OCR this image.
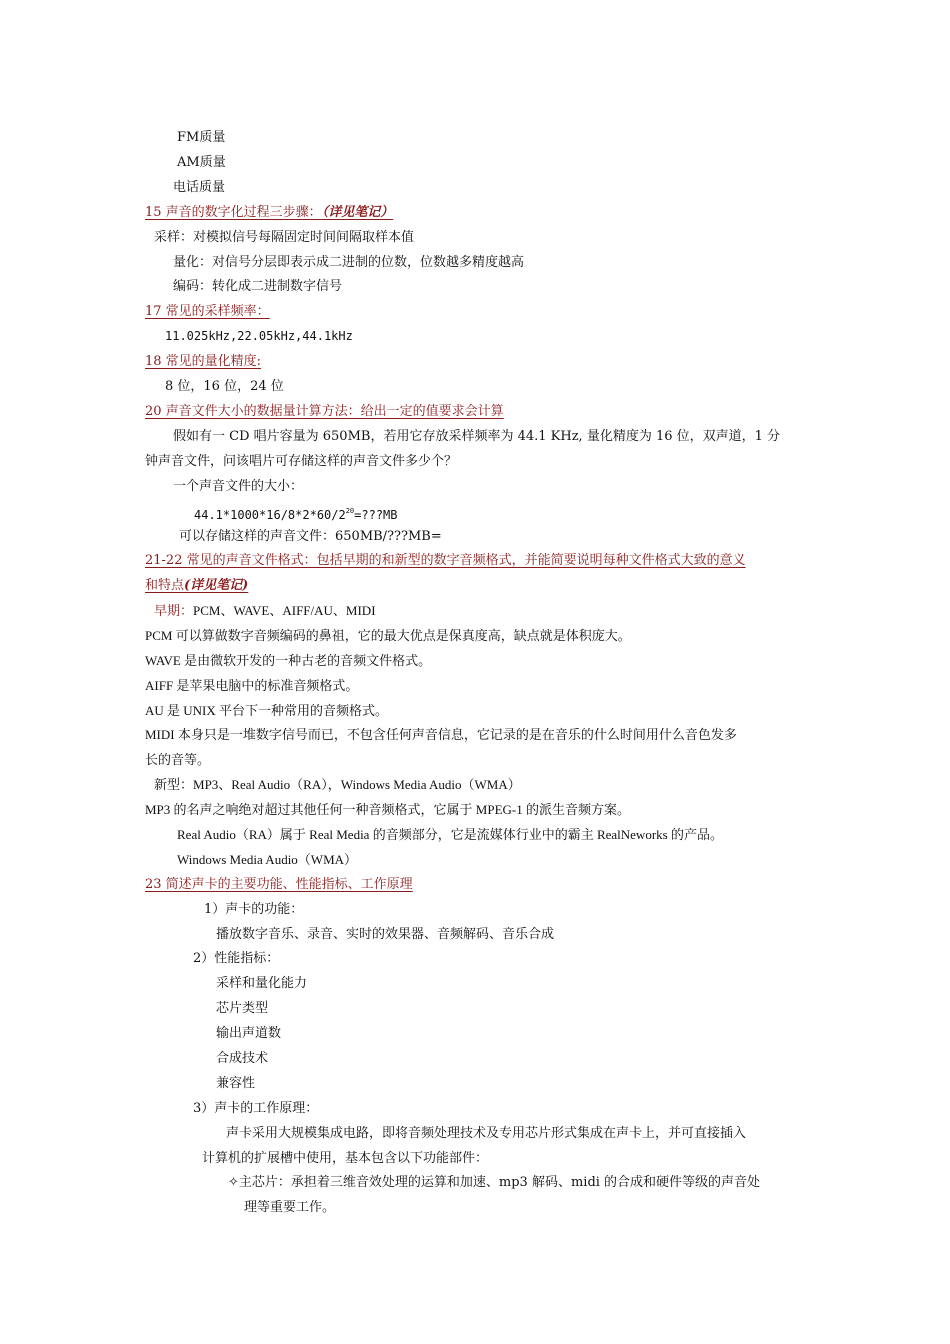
FM质量
AM质量
电话质量
15 声音的数字化过程三步骤：（详见笔记）
采样：对模拟信号每隔固定时间间隔取样本值
量化：对信号分层即表示成二进制的位数，位数越多精度越高
编码：转化成二进制数字信号
17 常见的采样频率：
11.025kHz,22.05kHz,44.1kHz
18 常见的量化精度:
8 位，16 位，24 位
20 声音文件大小的数据量计算方法：给出一定的值要求会计算
假如有一 CD 唱片容量为 650MB，若用它存放采样频率为 44.1 KHz, 量化精度为 16 位，双声道，1 分
钟声音文件，问该唱片可存储这样的声音文件多少个？
一个声音文件的大小：
$44.1*1000*16/8*2*60/2^{20}=???MB$
可以存储这样的声音文件：650MB/???MB=
21-22 常见的声音文件格式：包括早期的和新型的数字音频格式，并能简要说明每种文件格式大致的意义
和特点(详见笔记)
早期：PCM、WAVE、AIFF/AU、MIDI
PCM 可以算做数字音频编码的鼻祖，它的最大优点是保真度高，缺点就是体积庞大。
WAVE 是由微软开发的一种古老的音频文件格式。
AIFF 是苹果电脑中的标准音频格式。
AU 是 UNIX 平台下一种常用的音频格式。
MIDI 本身只是一堆数字信号而已，不包含任何声音信息，它记录的是在音乐的什么时间用什么音色发多
长的音等。
新型：MP3、Real Audio（RA），Windows Media Audio（WMA）
MP3 的名声之响绝对超过其他任何一种音频格式，它属于 MPEG-1 的派生音频方案。
Real Audio（RA）属于 Real Media 的音频部分，它是流媒体行业中的霸主 RealNeworks 的产品。
Windows Media Audio（WMA）
23 简述声卡的主要功能、性能指标、工作原理
1）声卡的功能：
播放数字音乐、录音、实时的效果器、音频解码、音乐合成
2）性能指标：
采样和量化能力
芯片类型
输出声道数
合成技术
兼容性
3）声卡的工作原理：
声卡采用大规模集成电路，即将音频处理技术及专用芯片形式集成在声卡上，并可直接插入
计算机的扩展槽中使用，基本包含以下功能部件：
✧主芯片：承担着三维音效处理的运算和加速、mp3 解码、midi 的合成和硬件等级的声音处
理等重要工作。
